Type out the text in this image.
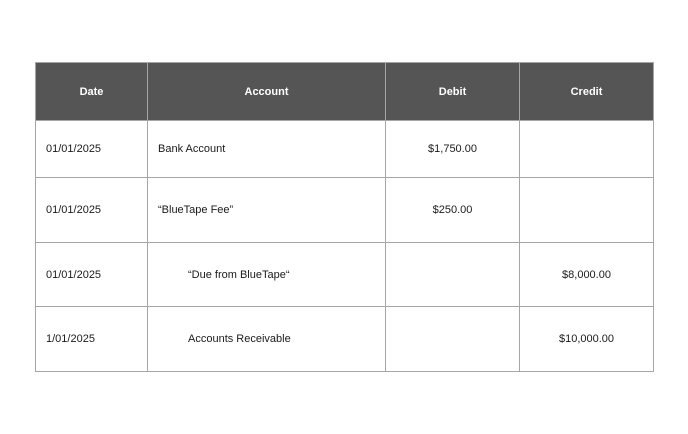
Date	Account	Debit	Credit
01/01/2025	Bank Account	$1,750.00	
01/01/2025	“BlueTape Fee”	$250.00	
01/01/2025	“Due from BlueTape“		$8,000.00
1/01/2025	Accounts Receivable		$10,000.00
